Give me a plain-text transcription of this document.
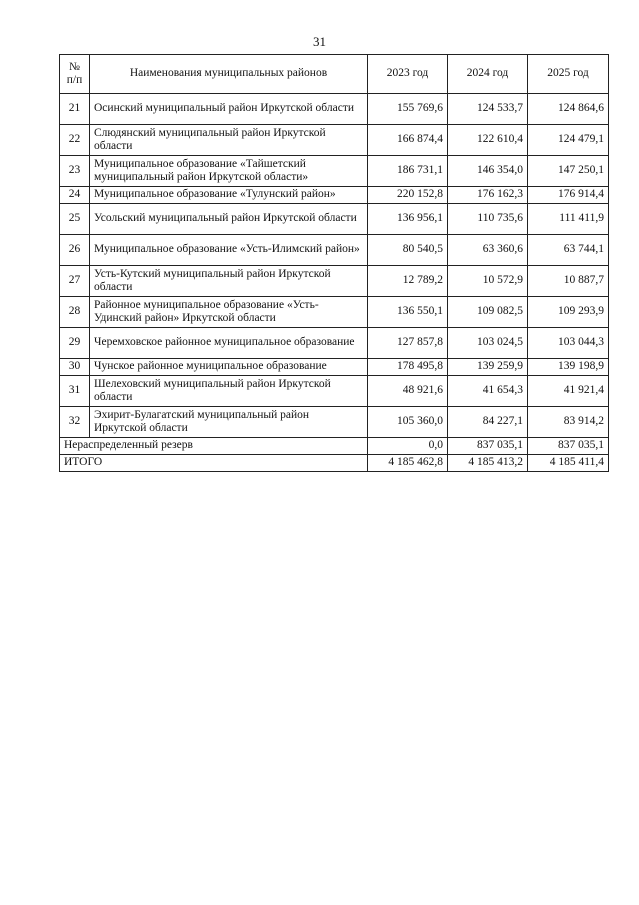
31
№ п/п	Наименования муниципальных районов	2023 год	2024 год	2025 год
21	Осинский муниципальный район Иркутской области	155 769,6	124 533,7	124 864,6
22	Слюдянский муниципальный район Иркутской области	166 874,4	122 610,4	124 479,1
23	Муниципальное образование «Тайшетский муниципальный район Иркутской области»	186 731,1	146 354,0	147 250,1
24	Муниципальное образование «Тулунский район»	220 152,8	176 162,3	176 914,4
25	Усольский муниципальный район Иркутской области	136 956,1	110 735,6	111 411,9
26	Муниципальное образование «Усть-Илимский район»	80 540,5	63 360,6	63 744,1
27	Усть-Кутский муниципальный район Иркутской области	12 789,2	10 572,9	10 887,7
28	Районное муниципальное образование «Усть-Удинский район» Иркутской области	136 550,1	109 082,5	109 293,9
29	Черемховское районное муниципальное образование	127 857,8	103 024,5	103 044,3
30	Чунское районное муниципальное образование	178 495,8	139 259,9	139 198,9
31	Шелеховский муниципальный район Иркутской области	48 921,6	41 654,3	41 921,4
32	Эхирит-Булагатский муниципальный район Иркутской области	105 360,0	84 227,1	83 914,2
Нераспределенный резерв		0,0	837 035,1	837 035,1
ИТОГО		4 185 462,8	4 185 413,2	4 185 411,4
